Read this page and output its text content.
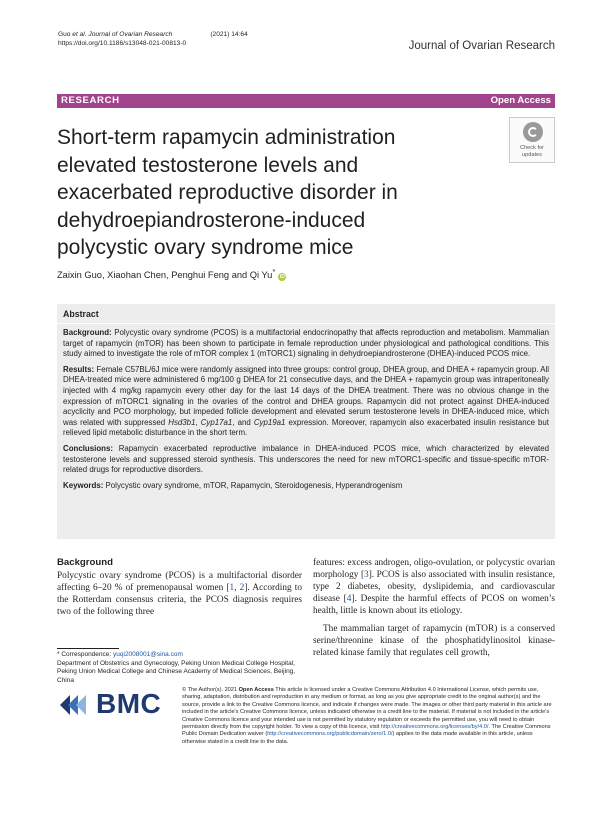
Guo et al. Journal of Ovarian Research	(2021) 14:64
https://doi.org/10.1186/s13048-021-00813-0	Journal of Ovarian Research
RESEARCH	Open Access
Short-term rapamycin administration elevated testosterone levels and exacerbated reproductive disorder in dehydroepiandrosterone-induced polycystic ovary syndrome mice
Check for updates
Zaixin Guo, Xiaohan Chen, Penghui Feng and Qi Yu*iD
Abstract

Background: Polycystic ovary syndrome (PCOS) is a multifactorial endocrinopathy that affects reproduction and metabolism. Mammalian target of rapamycin (mTOR) has been shown to participate in female reproduction under physiological and pathological conditions. This study aimed to investigate the role of mTOR complex 1 (mTORC1) signaling in dehydroepiandrosterone (DHEA)-induced PCOS mice.

Results: Female C57BL/6J mice were randomly assigned into three groups: control group, DHEA group, and DHEA + rapamycin group. All DHEA-treated mice were administered 6 mg/100 g DHEA for 21 consecutive days, and the DHEA + rapamycin group was intraperitoneally injected with 4 mg/kg rapamycin every other day for the last 14 days of the DHEA treatment. There was no obvious change in the expression of mTORC1 signaling in the ovaries of the control and DHEA groups. Rapamycin did not protect against DHEA-induced acyclicity and PCO morphology, but impeded follicle development and elevated serum testosterone levels in DHEA-induced mice, which was related with suppressed Hsd3b1, Cyp17a1, and Cyp19a1 expression. Moreover, rapamycin also exacerbated insulin resistance but relieved lipid metabolic disturbance in the short term.

Conclusions: Rapamycin exacerbated reproductive imbalance in DHEA-induced PCOS mice, which characterized by elevated testosterone levels and suppressed steroid synthesis. This underscores the need for new mTORC1-specific and tissue-specific mTOR-related drugs for reproductive disorders.

Keywords: Polycystic ovary syndrome, mTOR, Rapamycin, Steroidogenesis, Hyperandrogenism

Background

Polycystic ovary syndrome (PCOS) is a multifactorial disorder affecting 6–20 % of premenopausal women [1, 2]. According to the Rotterdam consensus criteria, the PCOS diagnosis requires two of the following three

features: excess androgen, oligo-ovulation, or polycystic ovarian morphology [3]. PCOS is also associated with insulin resistance, type 2 diabetes, obesity, dyslipidemia, and cardiovascular disease [4]. Despite the harmful effects of PCOS on women’s health, little is known about its etiology.

The mammalian target of rapamycin (mTOR) is a conserved serine/threonine kinase of the phosphatidylinositol kinase-related kinase family that regulates cell growth,

* Correspondence: yuqi2008001@sina.com
Department of Obstetrics and Gynecology, Peking Union Medical College Hospital, Peking Union Medical College and Chinese Academy of Medical Sciences, Beijing, China
BMC	© The Author(s). 2021 Open Access This article is licensed under a Creative Commons Attribution 4.0 International License, which permits use, sharing, adaptation, distribution and reproduction in any medium or format, as long as you give appropriate credit to the original author(s) and the source, provide a link to the Creative Commons licence, and indicate if changes were made. The images or other third party material in this article are included in the article's Creative Commons licence, unless indicated otherwise in a credit line to the material. If material is not included in the article's Creative Commons licence and your intended use is not permitted by statutory regulation or exceeds the permitted use, you will need to obtain permission directly from the copyright holder. To view a copy of this licence, visit http://creativecommons.org/licenses/by/4.0/. The Creative Commons Public Domain Dedication waiver (http://creativecommons.org/publicdomain/zero/1.0/) applies to the data made available in this article, unless otherwise stated in a credit line to the data.
